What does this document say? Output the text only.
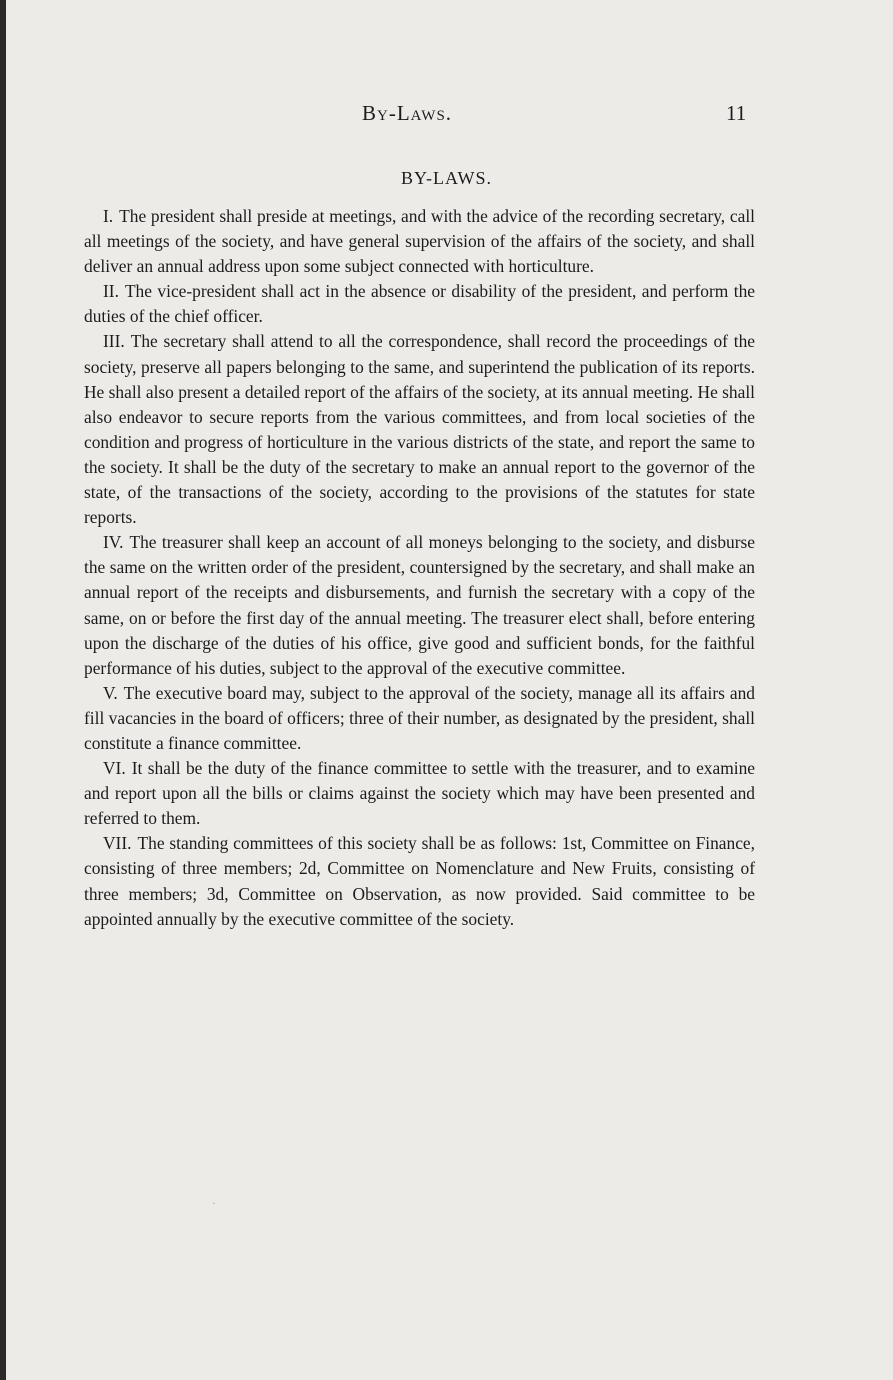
By-Laws.	11
BY-LAWS.

I. The president shall preside at meetings, and with the advice of the recording secretary, call all meetings of the society, and have general supervision of the affairs of the society, and shall deliver an annual address upon some subject connected with horticulture.

II. The vice-president shall act in the absence or disability of the president, and perform the duties of the chief officer.

III. The secretary shall attend to all the correspondence, shall record the proceedings of the society, preserve all papers belonging to the same, and superintend the publication of its reports. He shall also present a detailed report of the affairs of the society, at its annual meeting. He shall also endeavor to secure reports from the various committees, and from local societies of the condition and progress of horticulture in the various districts of the state, and report the same to the society. It shall be the duty of the secretary to make an annual report to the governor of the state, of the transactions of the society, according to the provisions of the statutes for state reports.

IV. The treasurer shall keep an account of all moneys belonging to the society, and disburse the same on the written order of the president, countersigned by the secretary, and shall make an annual report of the receipts and disbursements, and furnish the secretary with a copy of the same, on or before the first day of the annual meeting. The treasurer elect shall, before entering upon the discharge of the duties of his office, give good and sufficient bonds, for the faithful performance of his duties, subject to the approval of the executive committee.

V. The executive board may, subject to the approval of the society, manage all its affairs and fill vacancies in the board of officers; three of their number, as designated by the president, shall constitute a finance committee.

VI. It shall be the duty of the finance committee to settle with the treasurer, and to examine and report upon all the bills or claims against the society which may have been presented and referred to them.

VII. The standing committees of this society shall be as follows: 1st, Committee on Finance, consisting of three members; 2d, Committee on Nomenclature and New Fruits, consisting of three members; 3d, Committee on Observation, as now provided. Said committee to be appointed annually by the executive committee of the society.

·
